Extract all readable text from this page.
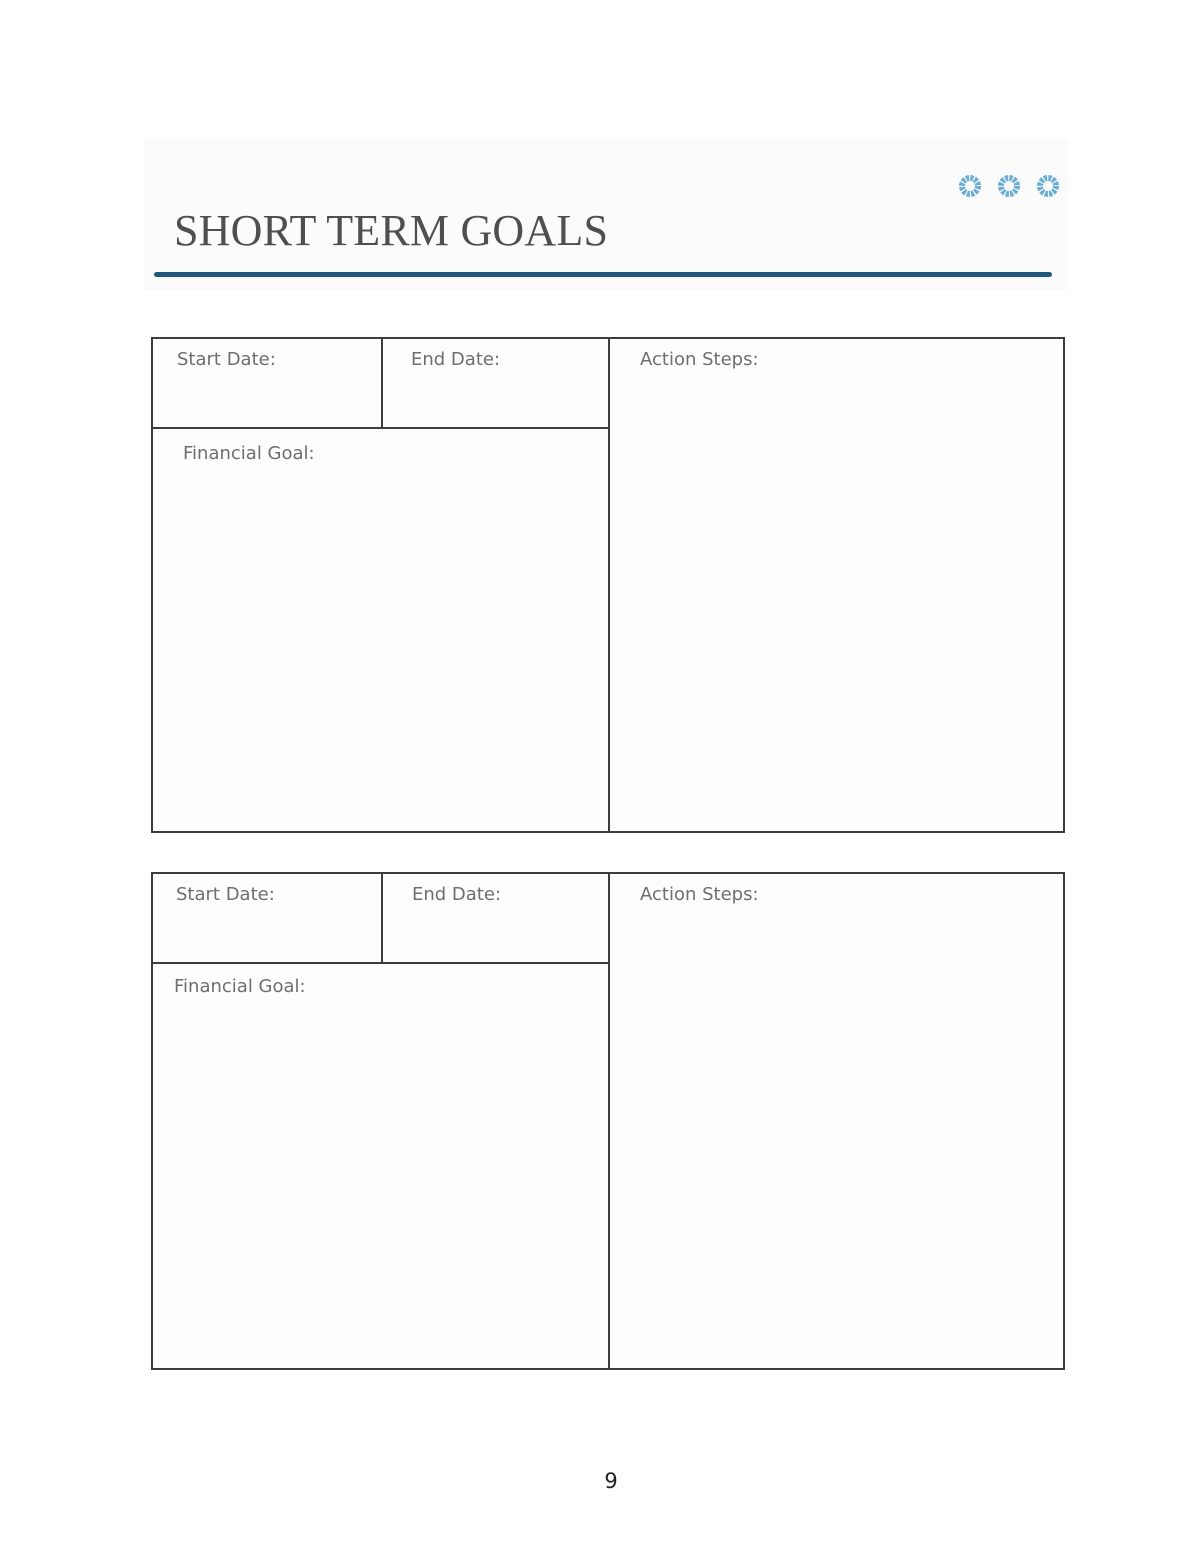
SHORT TERM GOALS
Start Date:	End Date:
Financial Goal:
Action Steps:
Start Date:	End Date:
Financial Goal:
Action Steps:
9
